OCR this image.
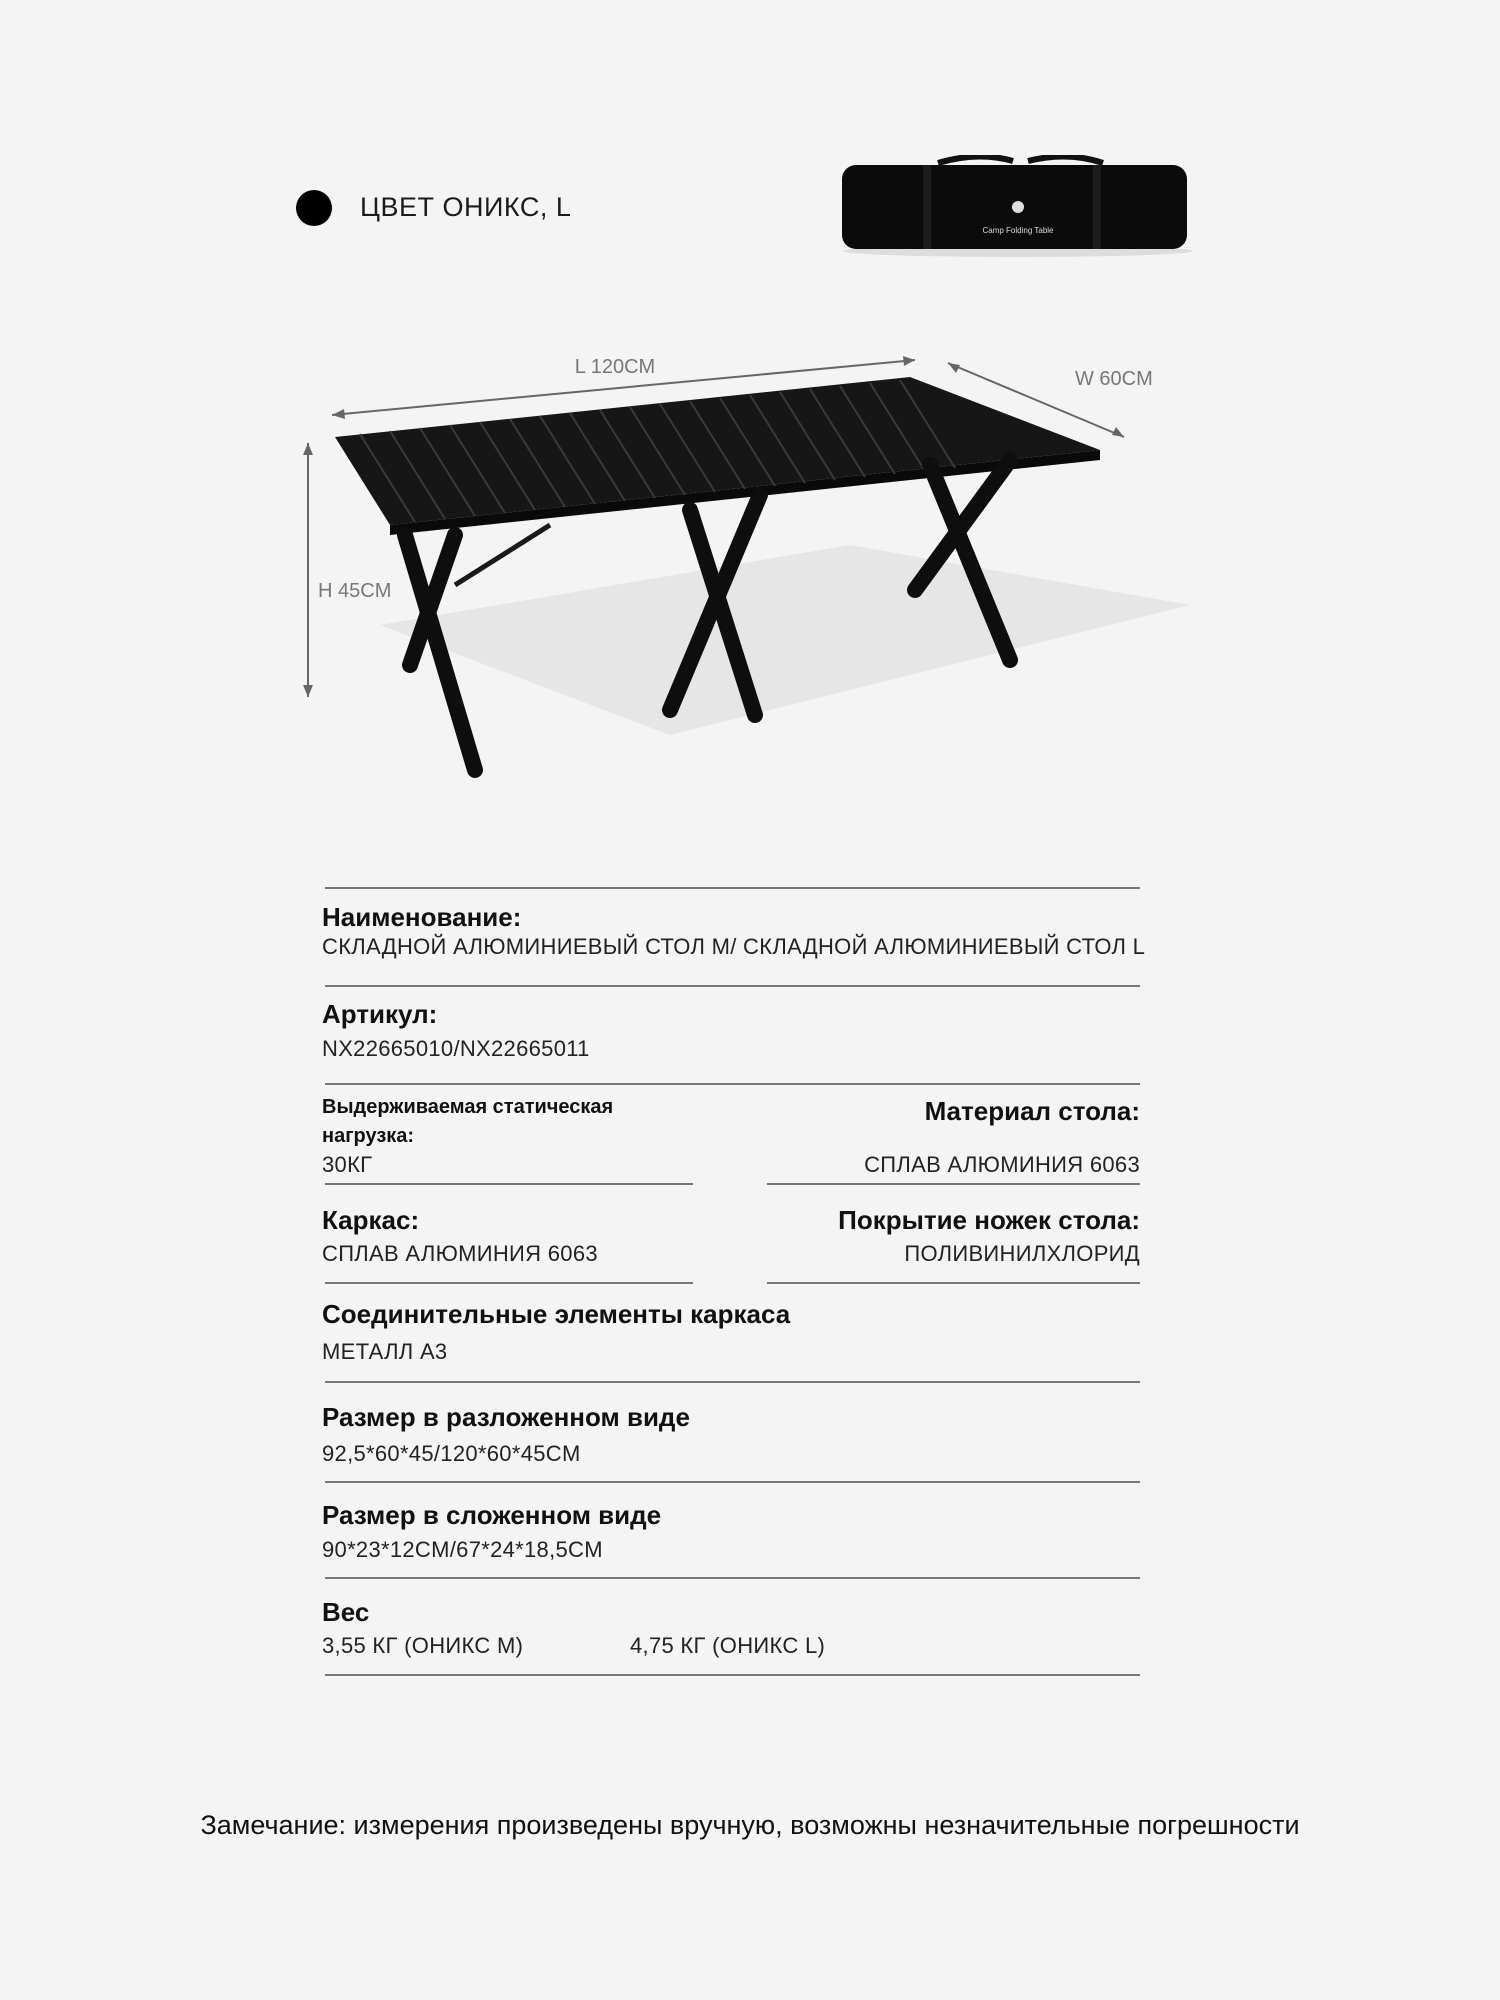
ЦВЕТ ОНИКС, L
Camp Folding Table
L 120CM
W 60CM
H 45CM
Наименование:
СКЛАДНОЙ АЛЮМИНИЕВЫЙ СТОЛ M/ СКЛАДНОЙ АЛЮМИНИЕВЫЙ СТОЛ L
Артикул:
NX22665010/NX22665011
Выдерживаемая статическая нагрузка:
30КГ
Материал стола:
СПЛАВ АЛЮМИНИЯ 6063
Каркас:
СПЛАВ АЛЮМИНИЯ 6063
Покрытие ножек стола:
ПОЛИВИНИЛХЛОРИД
Соединительные элементы каркаса
МЕТАЛЛ А3
Размер в разложенном виде
92,5*60*45/120*60*45CM
Размер в сложенном виде
90*23*12CM/67*24*18,5CM
Вес
3,55 КГ (ОНИКС M)	4,75 КГ (ОНИКС L)
Замечание: измерения произведены вручную, возможны незначительные погрешности
